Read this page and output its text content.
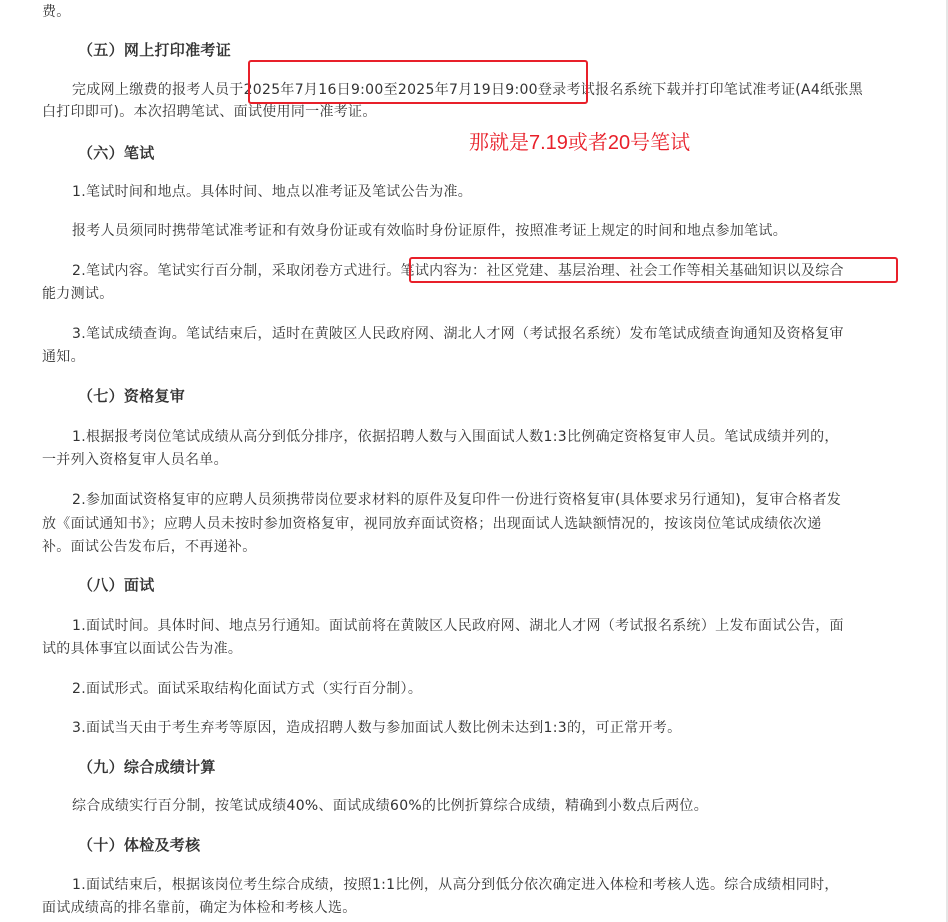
费。
（五）网上打印准考证
完成网上缴费的报考人员于2025年7月16日9:00至2025年7月19日9:00登录考试报名系统下载并打印笔试准考证(A4纸张黑
白打印即可)。本次招聘笔试、面试使用同一准考证。
（六）笔试
1.笔试时间和地点。具体时间、地点以准考证及笔试公告为准。
报考人员须同时携带笔试准考证和有效身份证或有效临时身份证原件，按照准考证上规定的时间和地点参加笔试。
2.笔试内容。笔试实行百分制，采取闭卷方式进行。笔试内容为：社区党建、基层治理、社会工作等相关基础知识以及综合
能力测试。
3.笔试成绩查询。笔试结束后，适时在黄陂区人民政府网、湖北人才网（考试报名系统）发布笔试成绩查询通知及资格复审
通知。
（七）资格复审
1.根据报考岗位笔试成绩从高分到低分排序，依据招聘人数与入围面试人数1:3比例确定资格复审人员。笔试成绩并列的，
一并列入资格复审人员名单。
2.参加面试资格复审的应聘人员须携带岗位要求材料的原件及复印件一份进行资格复审(具体要求另行通知)，复审合格者发
放《面试通知书》；应聘人员未按时参加资格复审，视同放弃面试资格；出现面试人选缺额情况的，按该岗位笔试成绩依次递
补。面试公告发布后，不再递补。
（八）面试
1.面试时间。具体时间、地点另行通知。面试前将在黄陂区人民政府网、湖北人才网（考试报名系统）上发布面试公告，面
试的具体事宜以面试公告为准。
2.面试形式。面试采取结构化面试方式（实行百分制）。
3.面试当天由于考生弃考等原因，造成招聘人数与参加面试人数比例未达到1:3的，可正常开考。
（九）综合成绩计算
综合成绩实行百分制，按笔试成绩40%、面试成绩60%的比例折算综合成绩，精确到小数点后两位。
（十）体检及考核
1.面试结束后，根据该岗位考生综合成绩，按照1:1比例，从高分到低分依次确定进入体检和考核人选。综合成绩相同时，
面试成绩高的排名靠前，确定为体检和考核人选。
那就是7.19或者20号笔试
